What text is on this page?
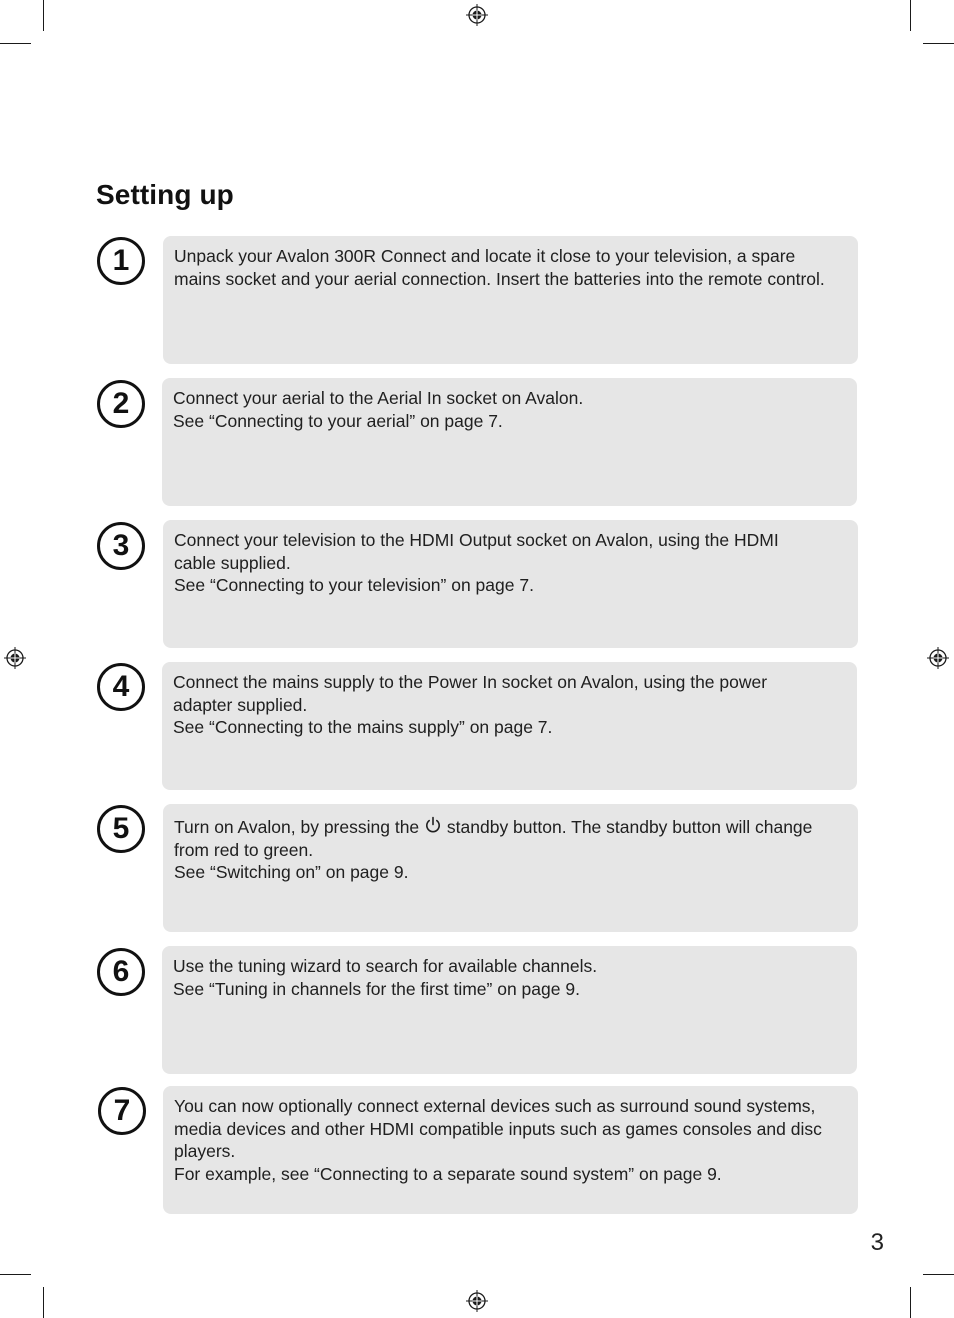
Setting up
1	Unpack your Avalon 300R Connect and locate it close to your television, a spare

mains socket and your aerial connection. Insert the batteries into the remote control.

2	Connect your aerial to the Aerial In socket on Avalon.

See “Connecting to your aerial” on page 7.

3	Connect your television to the HDMI Output socket on Avalon, using the HDMI

cable supplied.

See “Connecting to your television” on page 7.

4	Connect the mains supply to the Power In socket on Avalon, using the power

adapter supplied.

See “Connecting to the mains supply” on page 7.

5	Turn on Avalon, by pressing the standby button. The standby button will change

from red to green.

See “Switching on” on page 9.

6	Use the tuning wizard to search for available channels.

See “Tuning in channels for the first time” on page 9.

7	You can now optionally connect external devices such as surround sound systems,

media devices and other HDMI compatible inputs such as games consoles and disc

players.

For example, see “Connecting to a separate sound system” on page 9.

3
